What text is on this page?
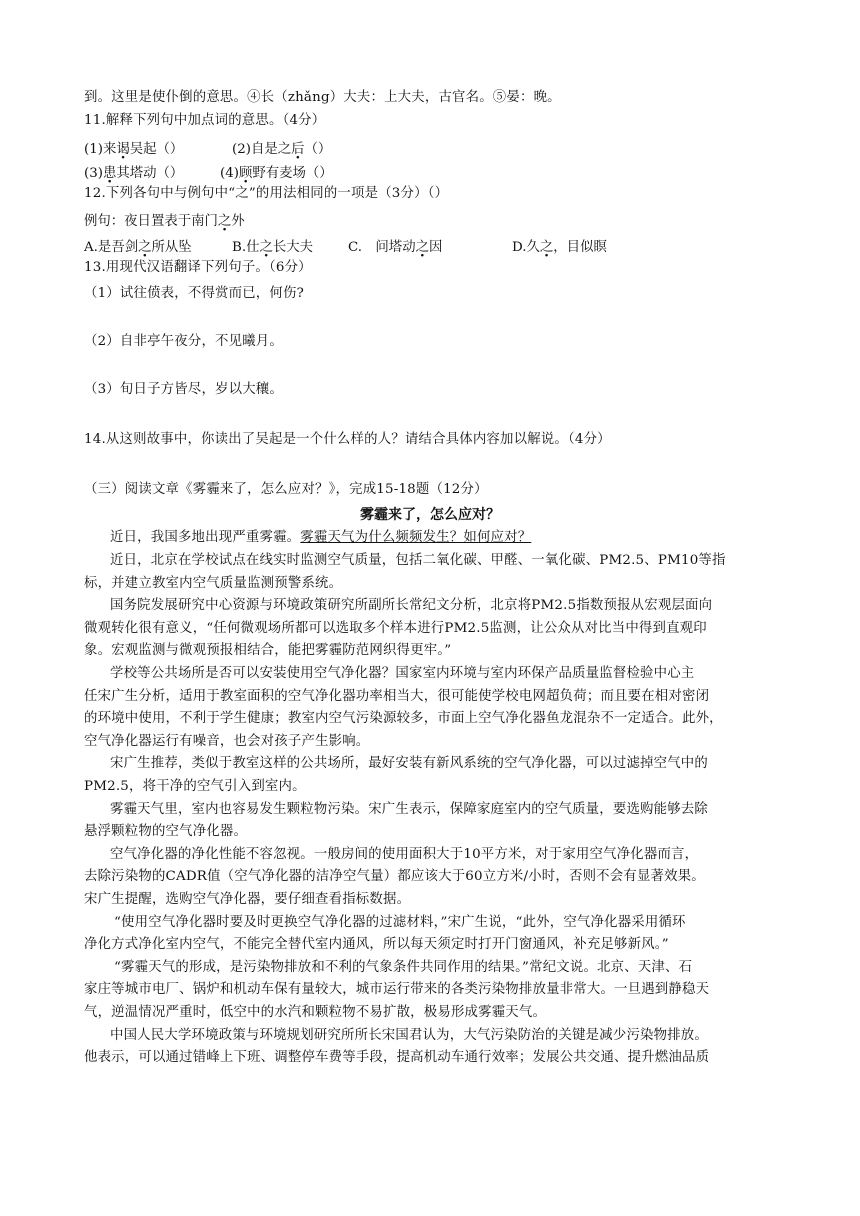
到。这里是使仆倒的意思。④长（zhǎng）大夫：上大夫，古官名。⑤晏：晚。
11.解释下列句中加点词的意思。（4分）
(1)来谒吴起（）	(2)自是之后（）
(3)患其塔动（）	(4)顾野有麦场（）
12.下列各句中与例句中“之”的用法相同的一项是（3分）（）
例句：夜日置表于南门之外
A.是吾剑之所从坠	B.仕之长大夫	C.　问塔动之因	D.久之，目似瞑
13.用现代汉语翻译下列句子。（6分）
（1）试往偾表，不得赏而已，何伤?
（2）自非亭午夜分，不见曦月。
（3）旬日子方皆尽，岁以大穰。
14.从这则故事中，你读出了吴起是一个什么样的人？请结合具体内容加以解说。（4分）
（三）阅读文章《雾霾来了，怎么应对？》，完成15-18题（12分）
雾霾来了，怎么应对？
近日，我国多地出现严重雾霾。雾霾天气为什么频频发生？如何应对？
近日，北京在学校试点在线实时监测空气质量，包括二氧化碳、甲醛、一氧化碳、PM2.5、PM10等指
标，并建立教室内空气质量监测预警系统。
国务院发展研究中心资源与环境政策研究所副所长常纪文分析，北京将PM2.5指数预报从宏观层面向
微观转化很有意义，“任何微观场所都可以选取多个样本进行PM2.5监测，让公众从对比当中得到直观印
象。宏观监测与微观预报相结合，能把雾霾防范网织得更牢。”
学校等公共场所是否可以安装使用空气净化器？国家室内环境与室内环保产品质量监督检验中心主
任宋广生分析，适用于教室面积的空气净化器功率相当大，很可能使学校电网超负荷；而且要在相对密闭
的环境中使用，不利于学生健康；教室内空气污染源较多，市面上空气净化器鱼龙混杂不一定适合。此外，
空气净化器运行有噪音，也会对孩子产生影响。
宋广生推荐，类似于教室这样的公共场所，最好安装有新风系统的空气净化器，可以过滤掉空气中的
PM2.5，将干净的空气引入到室内。
雾霾天气里，室内也容易发生颗粒物污染。宋广生表示，保障家庭室内的空气质量，要选购能够去除
悬浮颗粒物的空气净化器。
空气净化器的净化性能不容忽视。一般房间的使用面积大于10平方米，对于家用空气净化器而言，
去除污染物的CADR值（空气净化器的洁净空气量）都应该大于60立方米/小时，否则不会有显著效果。
宋广生提醒，选购空气净化器，要仔细查看指标数据。
“使用空气净化器时要及时更换空气净化器的过滤材料，”宋广生说，“此外，空气净化器采用循环
净化方式净化室内空气，不能完全替代室内通风，所以每天须定时打开门窗通风，补充足够新风。”
“雾霾天气的形成，是污染物排放和不利的气象条件共同作用的结果。”常纪文说。北京、天津、石
家庄等城市电厂、锅炉和机动车保有量较大，城市运行带来的各类污染物排放量非常大。一旦遇到静稳天
气，逆温情况严重时，低空中的水汽和颗粒物不易扩散，极易形成雾霾天气。
中国人民大学环境政策与环境规划研究所所长宋国君认为，大气污染防治的关键是减少污染物排放。
他表示，可以通过错峰上下班、调整停车费等手段，提高机动车通行效率；发展公共交通、提升燃油品质
